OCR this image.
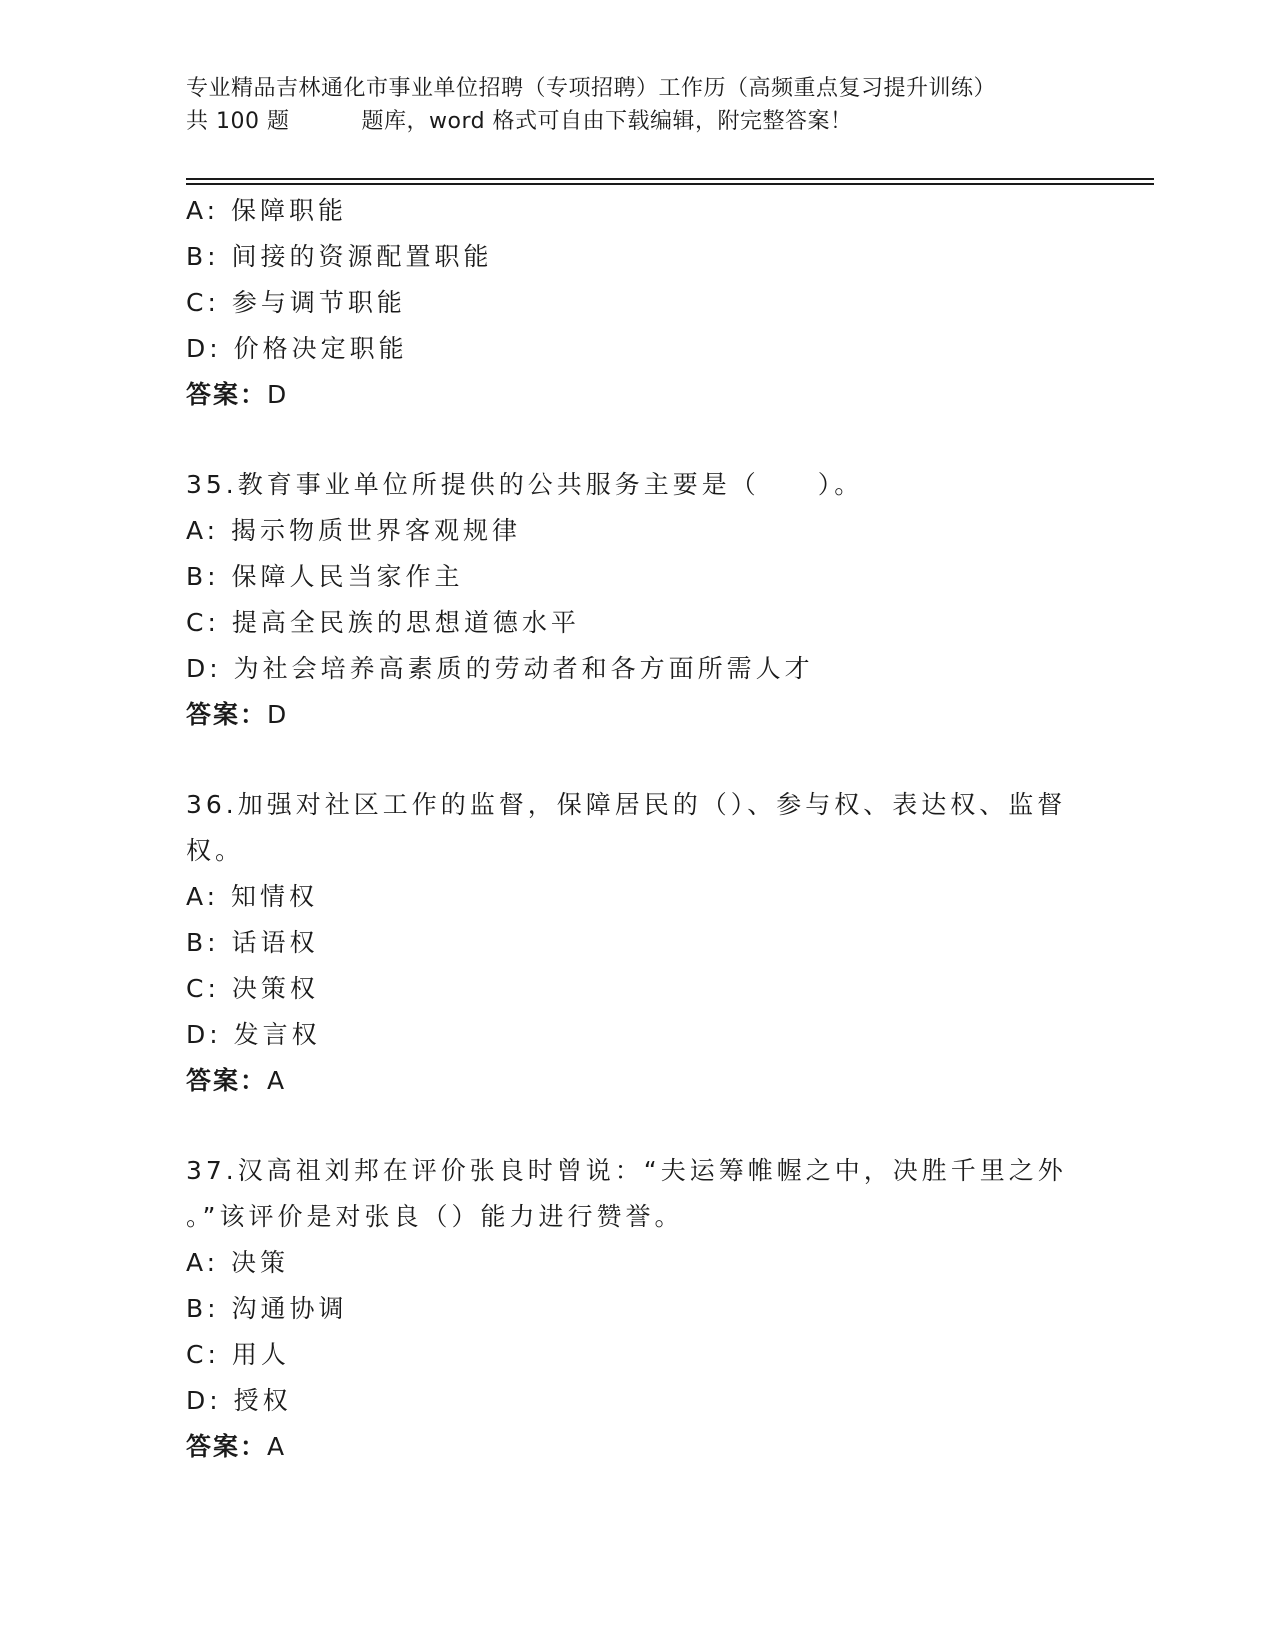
专业精品吉林通化市事业单位招聘（专项招聘）工作历（高频重点复习提升训练）
共 100 题	题库，word 格式可自由下载编辑，附完整答案！
A: 保障职能
B: 间接的资源配置职能
C: 参与调节职能
D: 价格决定职能
答案：D
35.教育事业单位所提供的公共服务主要是（　　）。
A: 揭示物质世界客观规律
B: 保障人民当家作主
C: 提高全民族的思想道德水平
D: 为社会培养高素质的劳动者和各方面所需人才
答案：D
36.加强对社区工作的监督，保障居民的（）、参与权、表达权、监督
权。
A: 知情权
B: 话语权
C: 决策权
D: 发言权
答案：A
37.汉高祖刘邦在评价张良时曾说：“夫运筹帷幄之中，决胜千里之外
。”该评价是对张良（）能力进行赞誉。
A: 决策
B: 沟通协调
C: 用人
D: 授权
答案：A
